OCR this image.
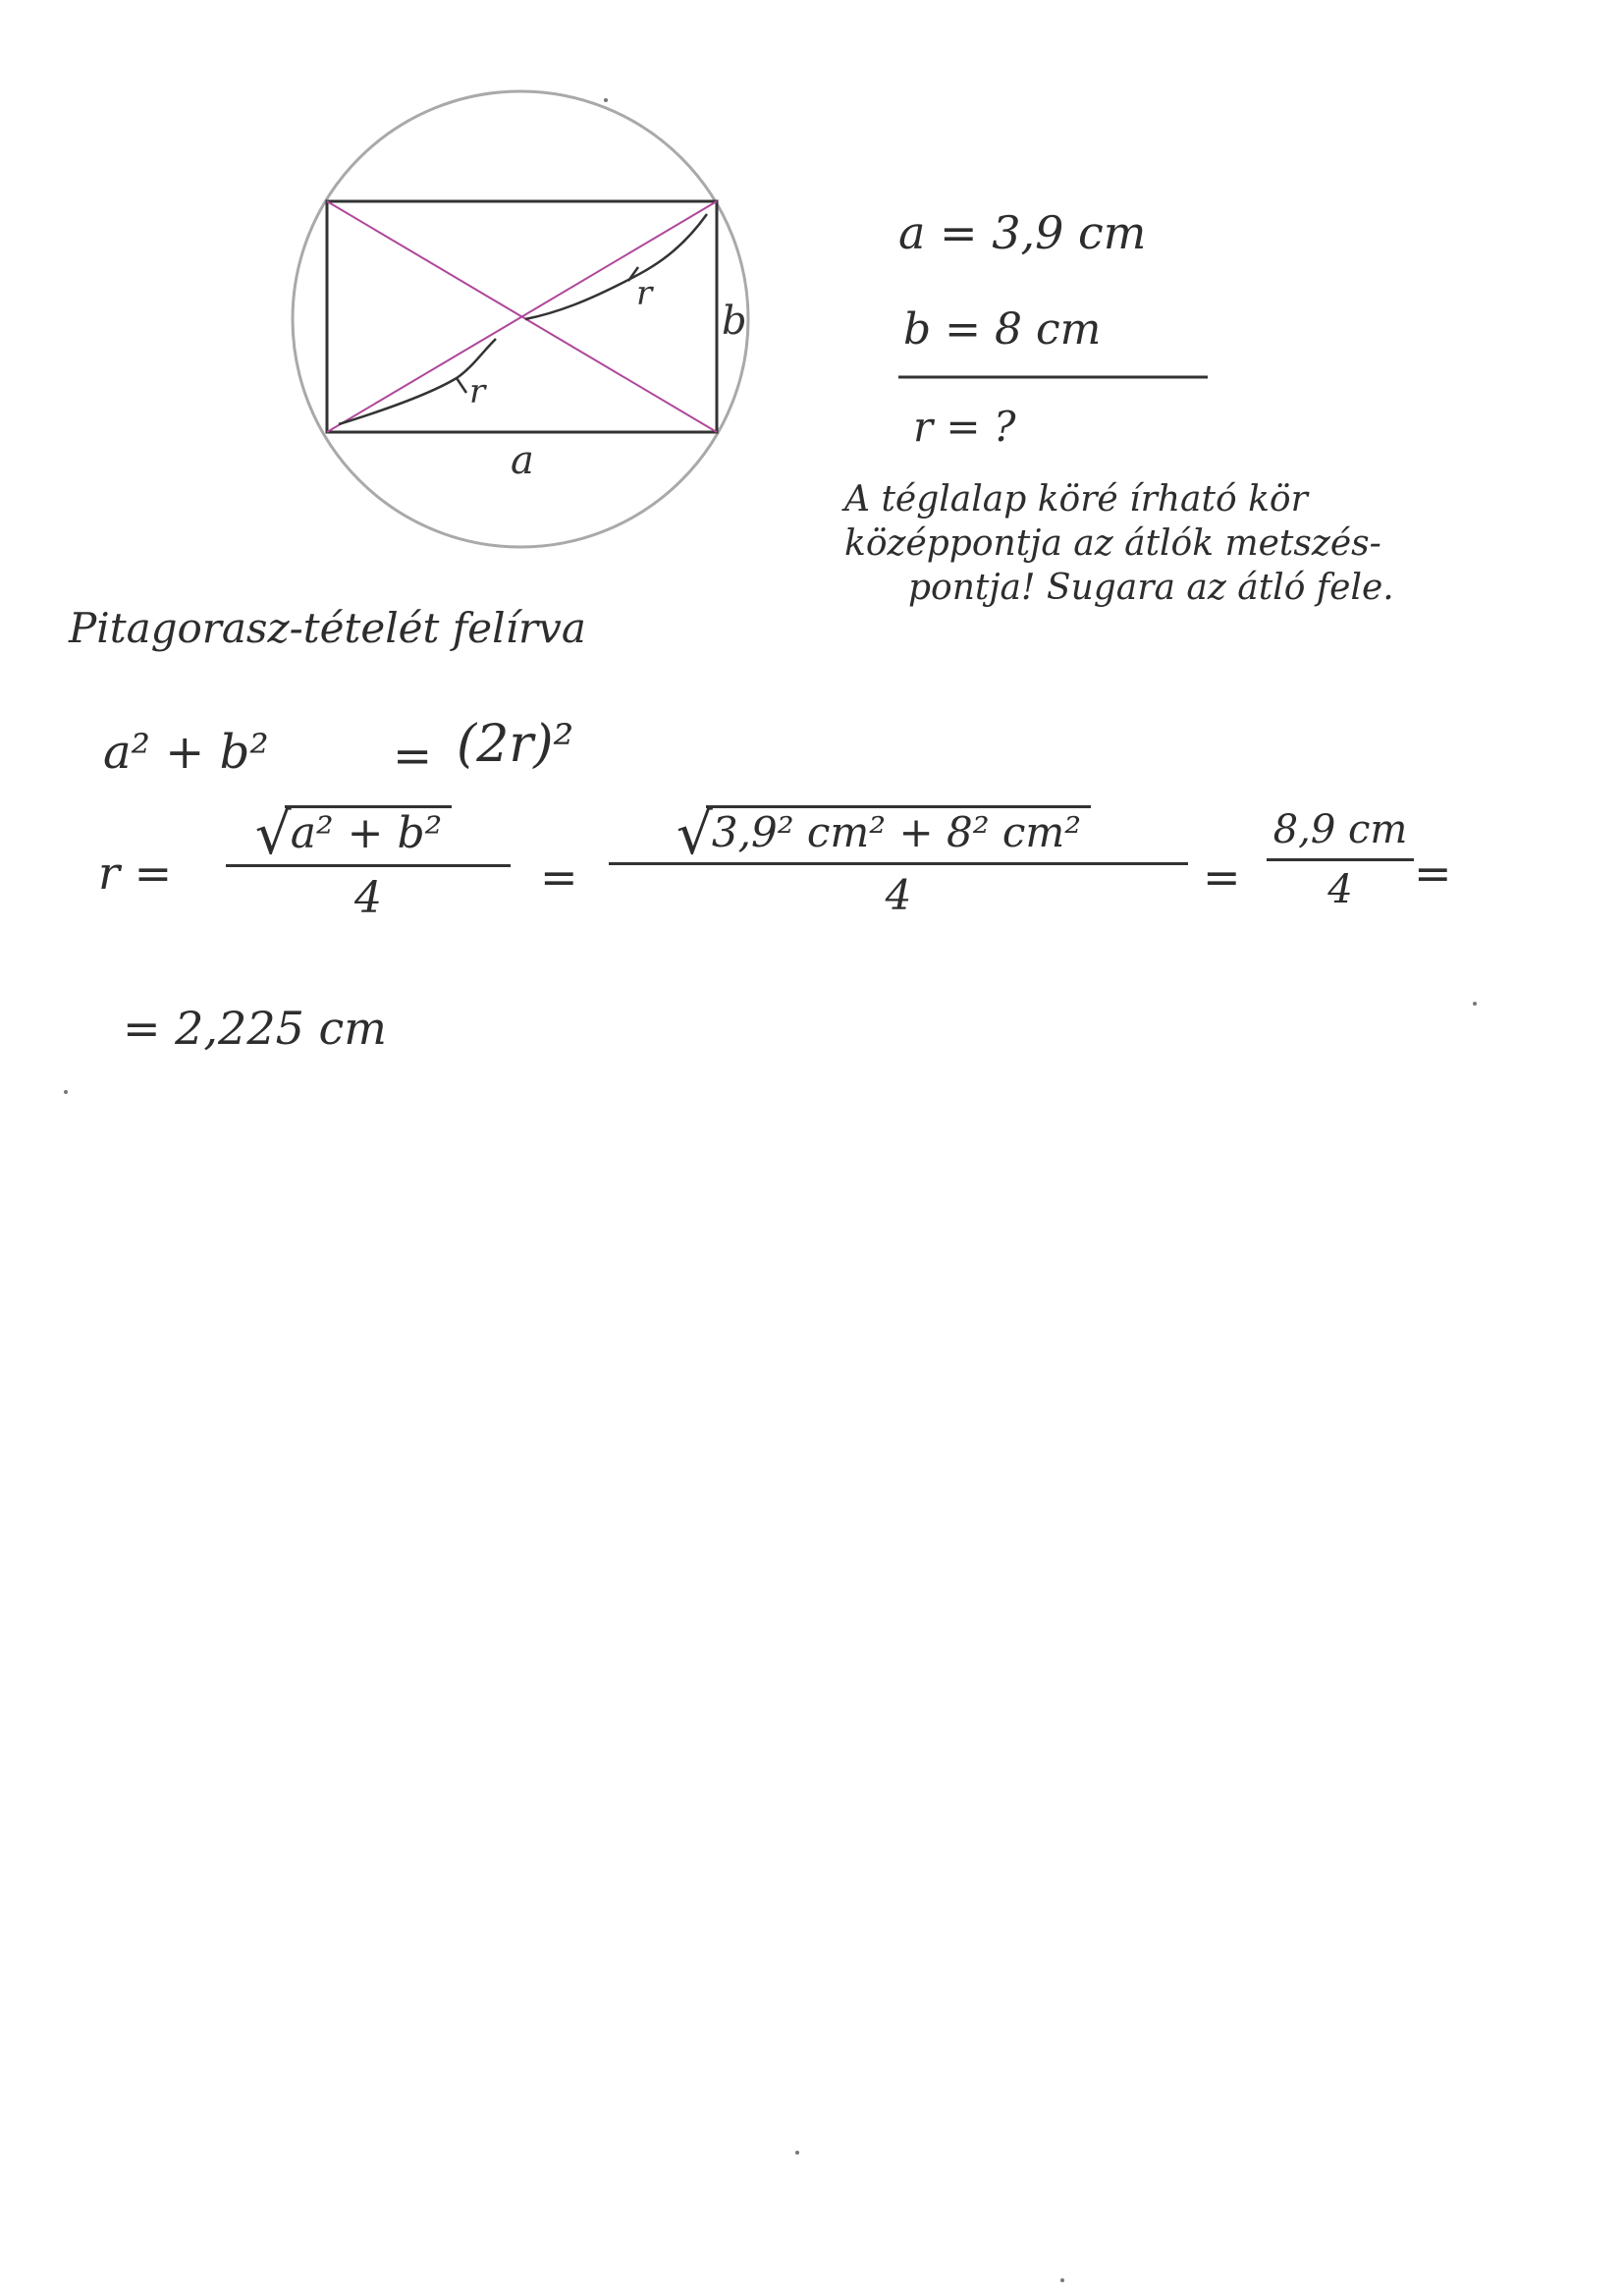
a
b
r
r
a = 3,9 cm
b = 8 cm
r = ?
A téglalap köré írható kör
középpontja az átlók metszés-
pontja! Sugara az átló fele.
Pitagorasz-tételét felírva
a² + b²	= (2r)²
r =
√ a² + b²
4	=
√ 3,9² cm² + 8² cm²
4	=
8,9 cm
4	=
= 2,225 cm
